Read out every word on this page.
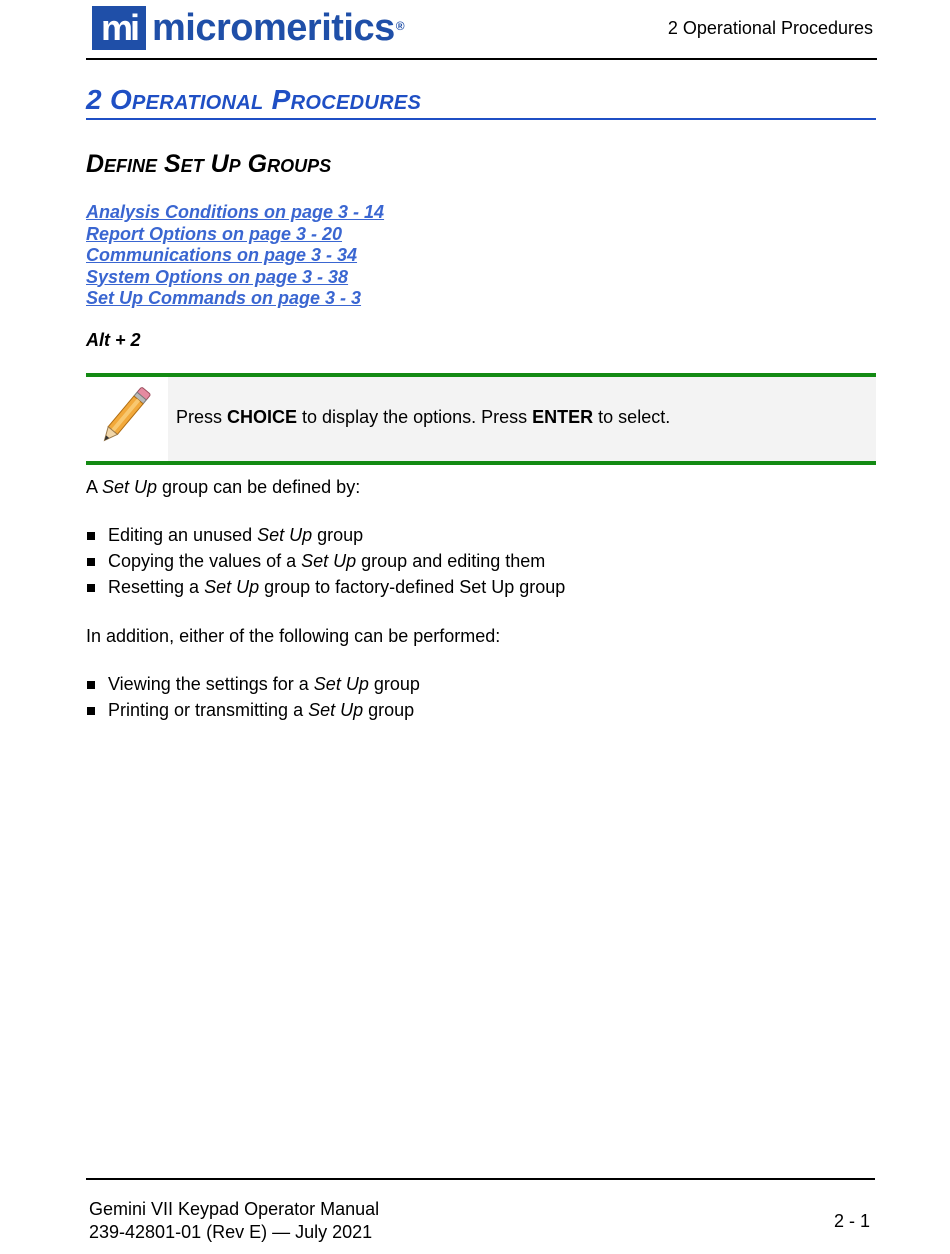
mi micromeritics®	2 Operational Procedures
2 Operational Procedures
Define Set Up Groups
Analysis Conditions on page 3 - 14
Report Options on page 3 - 20
Communications on page 3 - 34
System Options on page 3 - 38
Set Up Commands on page 3 - 3
Alt + 2
Press CHOICE to display the options. Press ENTER to select.
A Set Up group can be defined by:
Editing an unused Set Up group
Copying the values of a Set Up group and editing them
Resetting a Set Up group to factory-defined Set Up group
In addition, either of the following can be performed:
Viewing the settings for a Set Up group
Printing or transmitting a Set Up group
Gemini VII Keypad Operator Manual
239-42801-01 (Rev E) — July 2021
2 - 1
